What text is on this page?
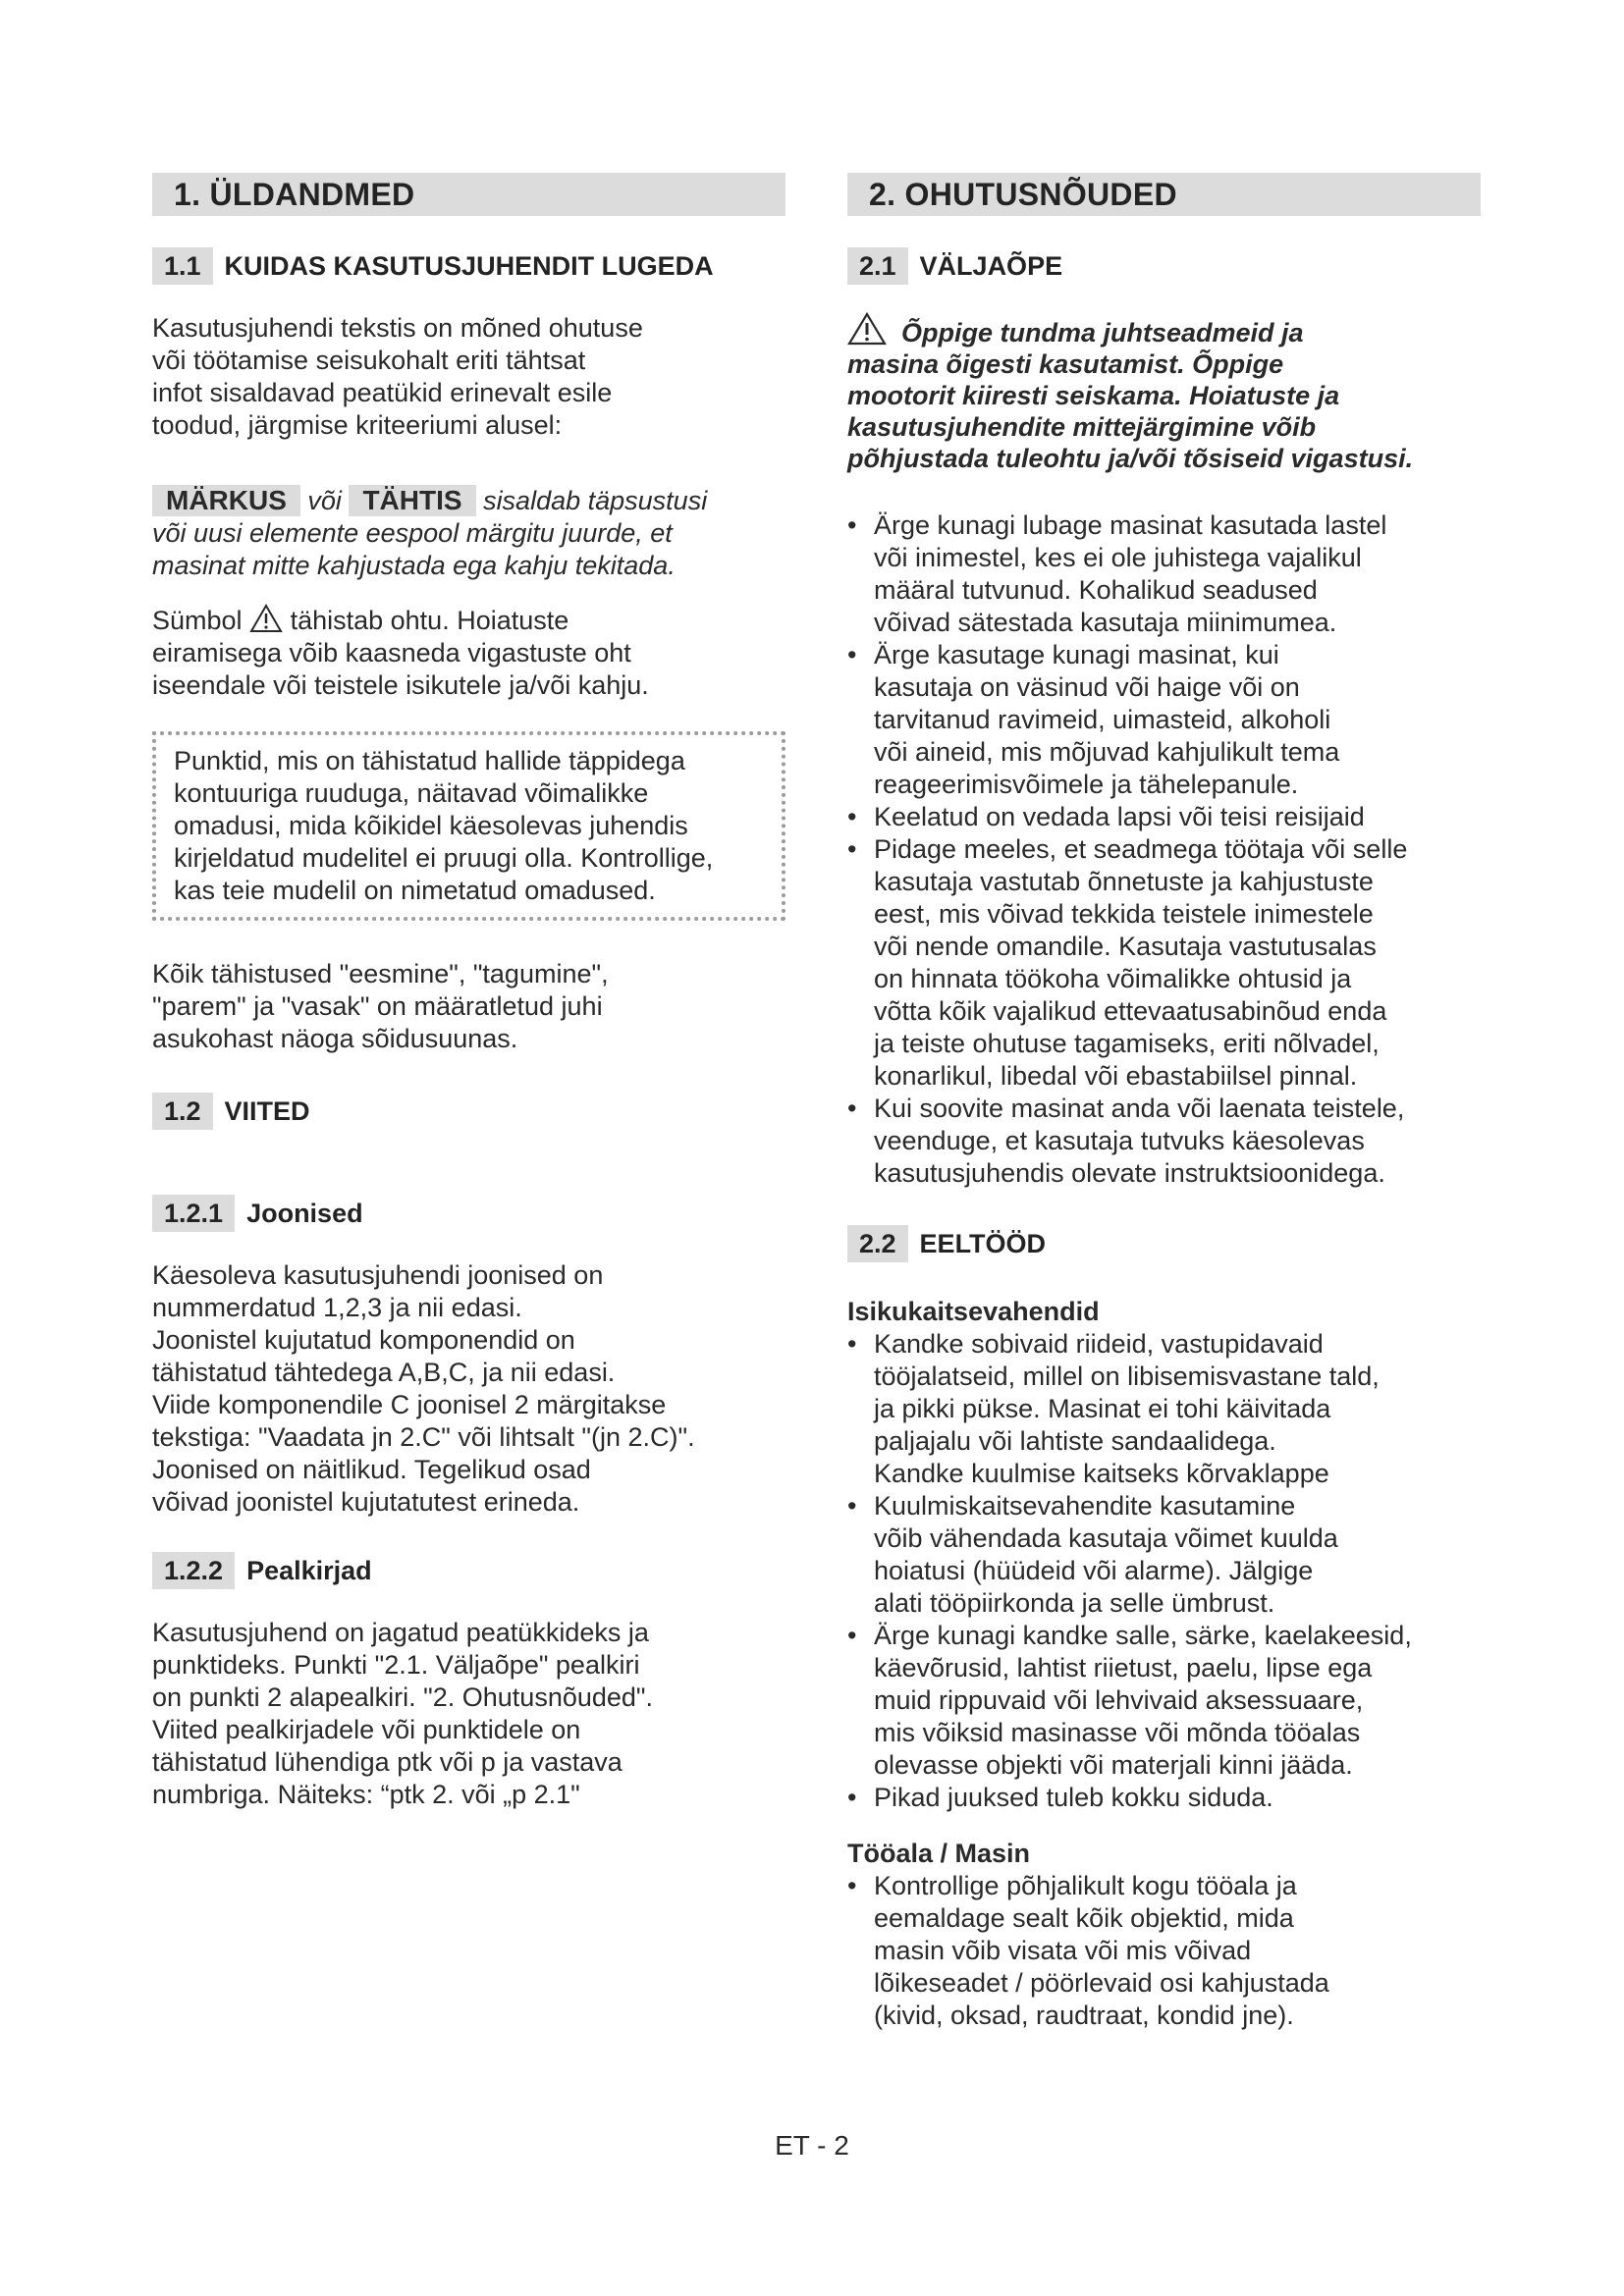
1.
ÜLDANDMED
1.1 KUIDAS KASUTUSJUHENDIT LUGEDA

Kasutusjuhendi tekstis on mõned ohutuse

või töötamise seisukohalt eriti tähtsat

infot sisaldavad peatükid erinevalt esile

toodud, järgmise kriteeriumi alusel:

MÄRKUS või TÄHTIS sisaldab täpsustusi

või uusi elemente eespool märgitu juurde, et

masinat mitte kahjustada ega kahju tekitada.

Sümbol tähistab ohtu. Hoiatuste

eiramisega võib kaasneda vigastuste oht

iseendale või teistele isikutele ja/või kahju.

Punktid, mis on tähistatud hallide täppidega

kontuuriga ruuduga, näitavad võimalikke

omadusi, mida kõikidel käesolevas juhendis

kirjeldatud mudelitel ei pruugi olla. Kontrollige,

kas teie mudelil on nimetatud omadused.

Kõik tähistused "eesmine", "tagumine",

"parem" ja "vasak" on määratletud juhi

asukohast näoga sõidusuunas.

1.2 VIITED
1.2.1 Joonised

Käesoleva kasutusjuhendi joonised on

nummerdatud 1,2,3 ja nii edasi.

Joonistel kujutatud komponendid on

tähistatud tähtedega A,B,C, ja nii edasi.

Viide komponendile C joonisel 2 märgitakse

tekstiga: "Vaadata jn 2.C" või lihtsalt "(jn 2.C)".

Joonised on näitlikud. Tegelikud osad

võivad joonistel kujutatutest erineda.

1.2.2 Pealkirjad

Kasutusjuhend on jagatud peatükkideks ja

punktideks. Punkti "2.1. Väljaõpe" pealkiri

on punkti 2 alapealkiri. "2. Ohutusnõuded".

Viited pealkirjadele või punktidele on

tähistatud lühendiga ptk või p ja vastava

numbriga. Näiteks: “ptk 2. või „p 2.1"

2.
OHUTUSNÕUDED
2.1 VÄLJAÕPE

Õppige tundma juhtseadmeid ja

masina õigesti kasutamist. Õppige

mootorit kiiresti seiskama. Hoiatuste ja

kasutusjuhendite mittejärgimine võib

põhjustada tuleohtu ja/või tõsiseid vigastusi.

• Ärge kunagi lubage masinat kasutada lastel
või inimestel, kes ei ole juhistega vajalikul
määral tutvunud. Kohalikud seadused
võivad sätestada kasutaja miinimumea.
• Ärge kasutage kunagi masinat, kui
kasutaja on väsinud või haige või on
tarvitanud ravimeid, uimasteid, alkoholi
või aineid, mis mõjuvad kahjulikult tema
reageerimisvõimele ja tähelepanule.
• Keelatud on vedada lapsi või teisi reisijaid
• Pidage meeles, et seadmega töötaja või selle
kasutaja vastutab õnnetuste ja kahjustuste
eest, mis võivad tekkida teistele inimestele
või nende omandile. Kasutaja vastutusalas
on hinnata töökoha võimalikke ohtusid ja
võtta kõik vajalikud ettevaatusabinõud enda
ja teiste ohutuse tagamiseks, eriti nõlvadel,
konarlikul, libedal või ebastabiilsel pinnal.
• Kui soovite masinat anda või laenata teistele,
veenduge, et kasutaja tutvuks käesolevas
kasutusjuhendis olevate instruktsioonidega.
2.2 EELTÖÖD
Isikukaitsevahendid
• Kandke sobivaid riideid, vastupidavaid
tööjalatseid, millel on libisemisvastane tald,
ja pikki pükse. Masinat ei tohi käivitada
paljajalu või lahtiste sandaalidega.
Kandke kuulmise kaitseks kõrvaklappe
• Kuulmiskaitsevahendite kasutamine
võib vähendada kasutaja võimet kuulda
hoiatusi (hüüdeid või alarme). Jälgige
alati tööpiirkonda ja selle ümbrust.
• Ärge kunagi kandke salle, särke, kaelakeesid,
käevõrusid, lahtist riietust, paelu, lipse ega
muid rippuvaid või lehvivaid aksessuaare,
mis võiksid masinasse või mõnda tööalas
olevasse objekti või materjali kinni jääda.
• Pikad juuksed tuleb kokku siduda.
Tööala / Masin
• Kontrollige põhjalikult kogu tööala ja
eemaldage sealt kõik objektid, mida
masin võib visata või mis võivad
lõikeseadet / pöörlevaid osi kahjustada
(kivid, oksad, raudtraat, kondid jne).
ET - 2
